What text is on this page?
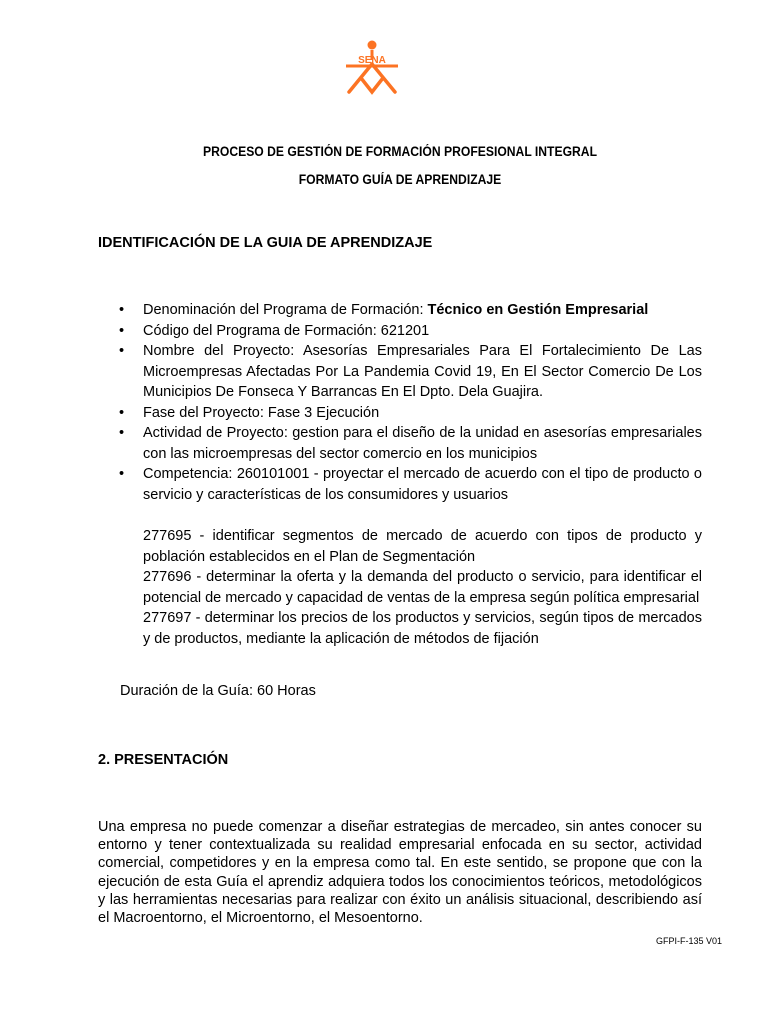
SENA
PROCESO DE GESTIÓN DE FORMACIÓN PROFESIONAL INTEGRAL
FORMATO GUÍA DE APRENDIZAJE
IDENTIFICACIÓN DE LA GUIA DE APRENDIZAJE
• Denominación del Programa de Formación: Técnico en Gestión Empresarial
• Código del Programa de Formación: 621201
• Nombre del Proyecto: Asesorías Empresariales Para El Fortalecimiento De Las Microempresas Afectadas Por La Pandemia Covid 19, En El Sector Comercio De Los Municipios De Fonseca Y Barrancas En El Dpto. Dela Guajira.
• Fase del Proyecto: Fase 3 Ejecución
• Actividad de Proyecto: gestion para el diseño de la unidad en asesorías empresariales con las microempresas del sector comercio en los municipios
• Competencia: 260101001 - proyectar el mercado de acuerdo con el tipo de producto o servicio y características de los consumidores y usuarios

277695 - identificar segmentos de mercado de acuerdo con tipos de producto y población establecidos en el Plan de Segmentación

277696 - determinar la oferta y la demanda del producto o servicio, para identificar el potencial de mercado y capacidad de ventas de la empresa según política empresarial

277697 - determinar los precios de los productos y servicios, según tipos de mercados y de productos, mediante la aplicación de métodos de fijación

Duración de la Guía: 60 Horas
2. PRESENTACIÓN

Una empresa no puede comenzar a diseñar estrategias de mercadeo, sin antes conocer su entorno y tener contextualizada su realidad empresarial enfocada en su sector, actividad comercial, competidores y en la empresa como tal. En este sentido, se propone que con la ejecución de esta Guía el aprendiz adquiera todos los conocimientos teóricos, metodológicos y las herramientas necesarias para realizar con éxito un análisis situacional, describiendo así el Macroentorno, el Microentorno, el Mesoentorno.

GFPI-F-135 V01
